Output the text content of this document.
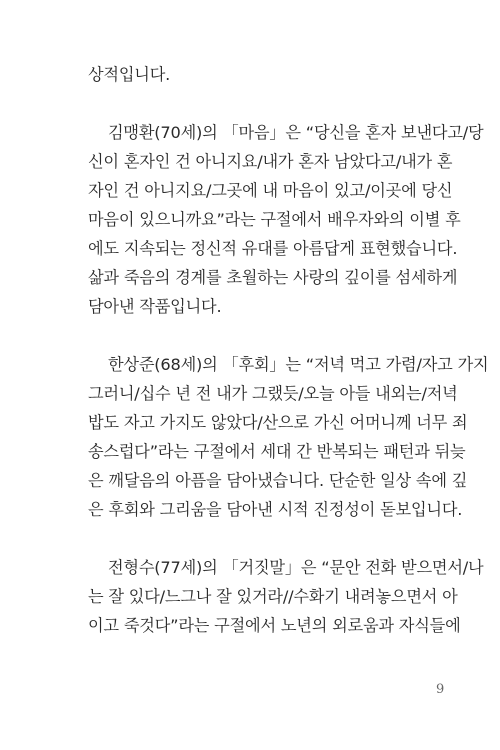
상적입니다.
김맹환(70세)의 「마음」은 “당신을 혼자 보낸다고/당
신이 혼자인 건 아니지요/내가 혼자 남았다고/내가 혼
자인 건 아니지요/그곳에 내 마음이 있고/이곳에 당신
마음이 있으니까요”라는 구절에서 배우자와의 이별 후
에도 지속되는 정신적 유대를 아름답게 표현했습니다.
삶과 죽음의 경계를 초월하는 사랑의 깊이를 섬세하게
담아낸 작품입니다.
한상준(68세)의 「후회」는 “저녁 먹고 가렴/자고 가지
그러니/십수 년 전 내가 그랬듯/오늘 아들 내외는/저녁
밥도 자고 가지도 않았다/산으로 가신 어머니께 너무 죄
송스럽다”라는 구절에서 세대 간 반복되는 패턴과 뒤늦
은 깨달음의 아픔을 담아냈습니다. 단순한 일상 속에 깊
은 후회와 그리움을 담아낸 시적 진정성이 돋보입니다.
전형수(77세)의 「거짓말」은 “문안 전화 받으면서/나
는 잘 있다/느그나 잘 있거라//수화기 내려놓으면서 아
이고 죽것다”라는 구절에서 노년의 외로움과 자식들에
9
